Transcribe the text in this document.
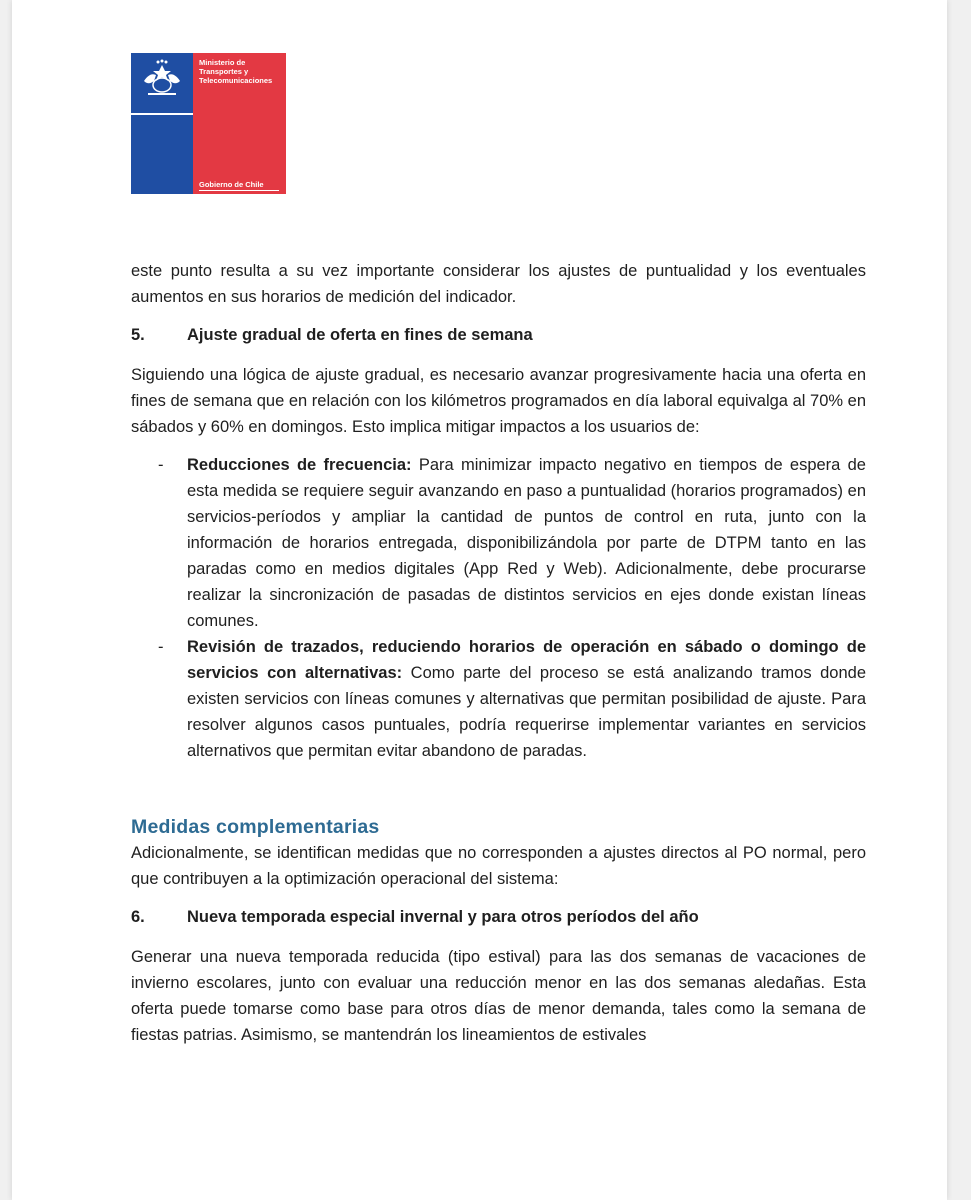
Ministerio de
Transportes y
Telecomunicaciones
Gobierno de Chile

este punto resulta a su vez importante considerar los ajustes de puntualidad y los eventuales aumentos en sus horarios de medición del indicador.

5.	Ajuste gradual de oferta en fines de semana

Siguiendo una lógica de ajuste gradual, es necesario avanzar progresivamente hacia una oferta en fines de semana que en relación con los kilómetros programados en día laboral equivalga al 70% en sábados y 60% en domingos. Esto implica mitigar impactos a los usuarios de:

-	Reducciones de frecuencia: Para minimizar impacto negativo en tiempos de espera de esta medida se requiere seguir avanzando en paso a puntualidad (horarios programados) en servicios-períodos y ampliar la cantidad de puntos de control en ruta, junto con la información de horarios entregada, disponibilizándola por parte de DTPM tanto en las paradas como en medios digitales (App Red y Web). Adicionalmente, debe procurarse realizar la sincronización de pasadas de distintos servicios en ejes donde existan líneas comunes.

-	Revisión de trazados, reduciendo horarios de operación en sábado o domingo de servicios con alternativas: Como parte del proceso se está analizando tramos donde existen servicios con líneas comunes y alternativas que permitan posibilidad de ajuste. Para resolver algunos casos puntuales, podría requerirse implementar variantes en servicios alternativos que permitan evitar abandono de paradas.

Medidas complementarias

Adicionalmente, se identifican medidas que no corresponden a ajustes directos al PO normal, pero que contribuyen a la optimización operacional del sistema:

6.	Nueva temporada especial invernal y para otros períodos del año

Generar una nueva temporada reducida (tipo estival) para las dos semanas de vacaciones de invierno escolares, junto con evaluar una reducción menor en las dos semanas aledañas. Esta oferta puede tomarse como base para otros días de menor demanda, tales como la semana de fiestas patrias. Asimismo, se mantendrán los lineamientos de estivales
